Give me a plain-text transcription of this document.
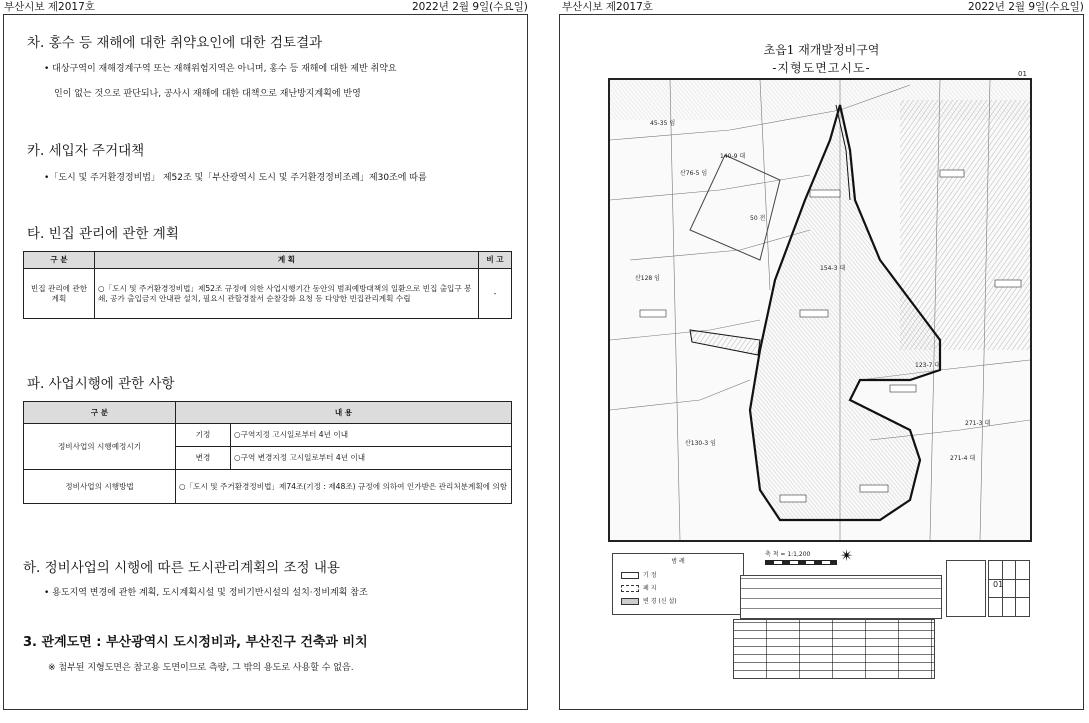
부산시보 제2017호	2022년 2월 9일(수요일)	부산시보 제2017호	2022년 2월 9일(수요일)
차. 홍수 등 재해에 대한 취약요인에 대한 검토결과
• 대상구역이 재해경계구역 또는 재해위험지역은 아니며, 홍수 등 재해에 대한 제반 취약요
인이 없는 것으로 판단되나, 공사시 재해에 대한 대책으로 재난방지계획에 반영
카. 세입자 주거대책
•「도시 및 주거환경정비법」 제52조 및「부산광역시 도시 및 주거환경정비조례」제30조에 따름
타. 빈집 관리에 관한 계획
구 분	계 획	비 고
빈집 관리에 관한 계획	○「도시 및 주거환경정비법」제52조 규정에 의한 사업시행기간 동안의 범죄예방대책의 일환으로 빈집 출입구 봉쇄, 공가 출입금지 안내판 설치, 필요시 관할경찰서 순찰강화 요청 등 다양한 빈집관리계획 수립	-
파. 사업시행에 관한 사항
구 분	내 용	
정비사업의 시행예정시기	기정	○구역지정 고시일로부터 4년 이내
	변경	○구역 변경지정 고시일로부터 4년 이내
정비사업의 시행방법	○「도시 및 주거환경정비법」제74조(기정 : 제48조) 규정에 의하여 인가받은 관리처분계획에 의함	
하. 정비사업의 시행에 따른 도시관리계획의 조정 내용
• 용도지역 변경에 관한 계획, 도시계획시설 및 정비기반시설의 설치·정비계획 참조
3. 관계도면 : 부산광역시 도시정비과, 부산진구 건축과 비치
※ 첨부된 지형도면은 참고용 도면이므로 측량, 그 밖의 용도로 사용할 수 없음.
초읍1 재개발정비구역
-지형도면고시도-	01
산76-5 임
140-9 대
50 전
산128 임
154-3 대
123-7 대
산130-3 임
271-3 대
271-4 대
45-35 임
범 례
기 정
폐 지
변 경 (신 설)
축 척 = 1:1,200 ✴
01
